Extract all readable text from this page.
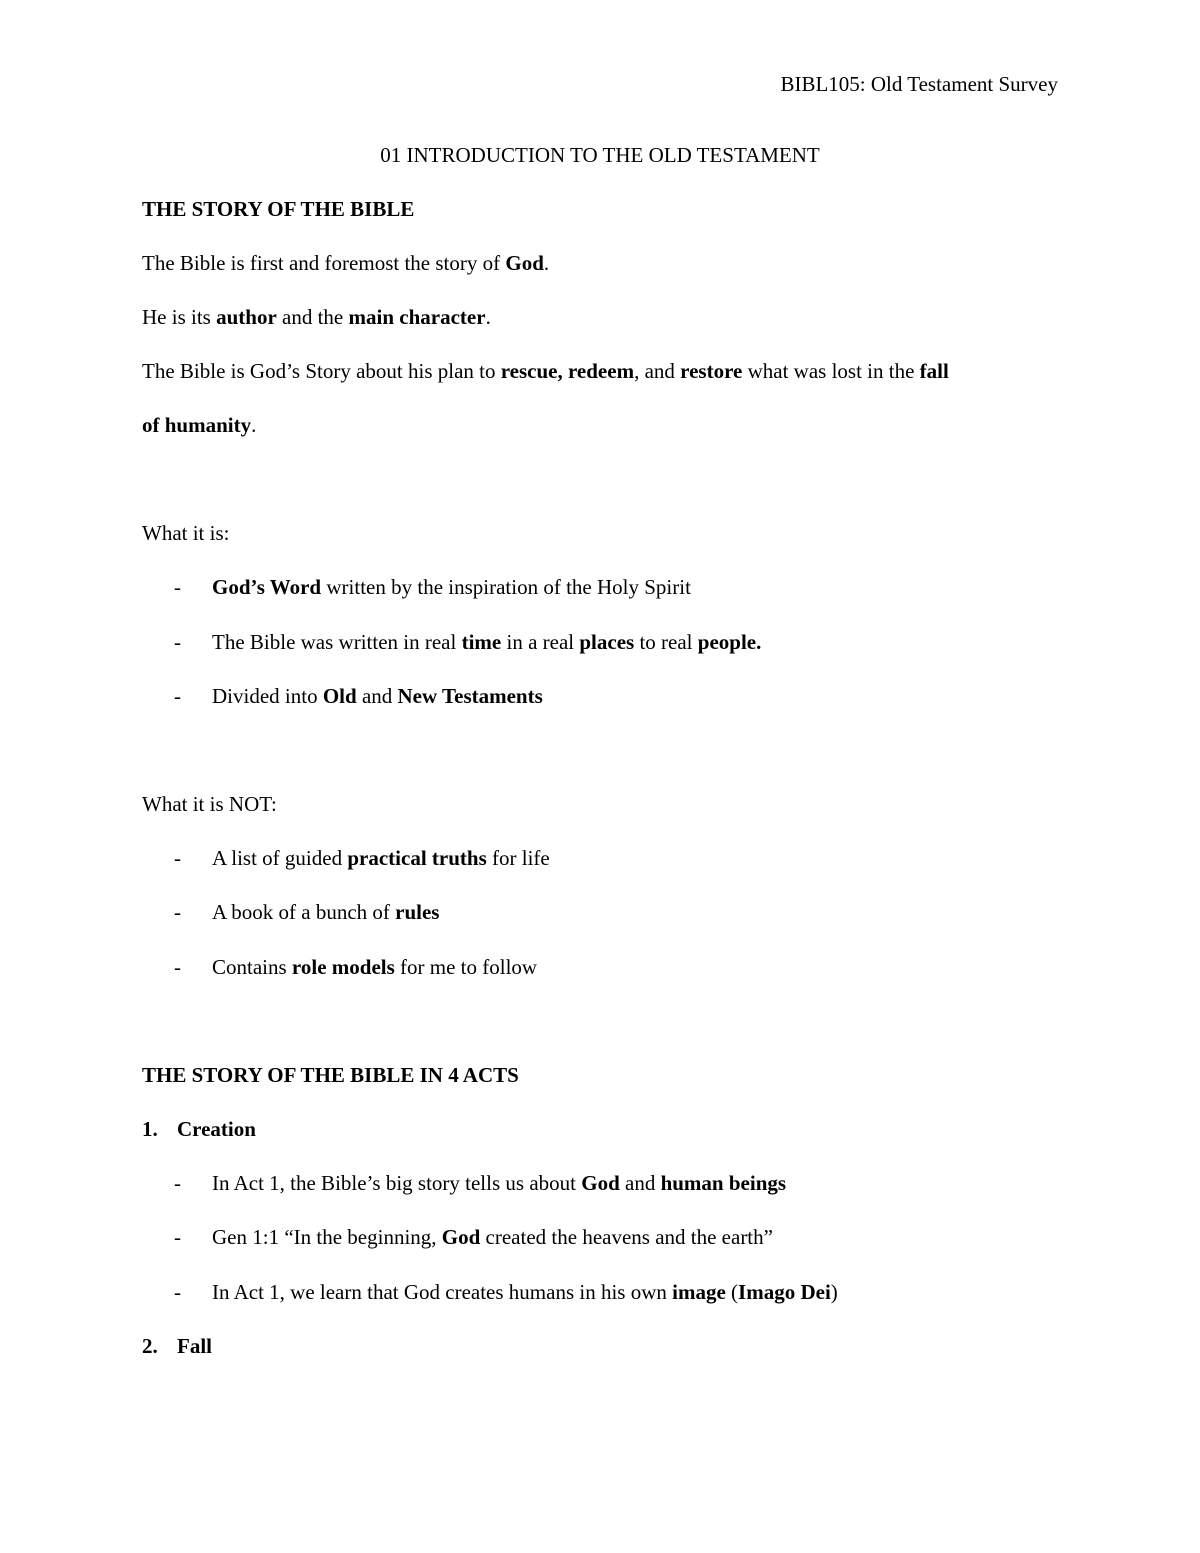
BIBL105: Old Testament Survey
01 INTRODUCTION TO THE OLD TESTAMENT
THE STORY OF THE BIBLE
The Bible is first and foremost the story of God.
He is its author and the main character.
The Bible is God’s Story about his plan to rescue, redeem, and restore what was lost in the fall
of humanity.
What it is:
- God’s Word written by the inspiration of the Holy Spirit
- The Bible was written in real time in a real places to real people.
- Divided into Old and New Testaments
What it is NOT:
- A list of guided practical truths for life
- A book of a bunch of rules
- Contains role models for me to follow
THE STORY OF THE BIBLE IN 4 ACTS
1. Creation
- In Act 1, the Bible’s big story tells us about God and human beings
- Gen 1:1 “In the beginning, God created the heavens and the earth”
- In Act 1, we learn that God creates humans in his own image (Imago Dei)
2. Fall
